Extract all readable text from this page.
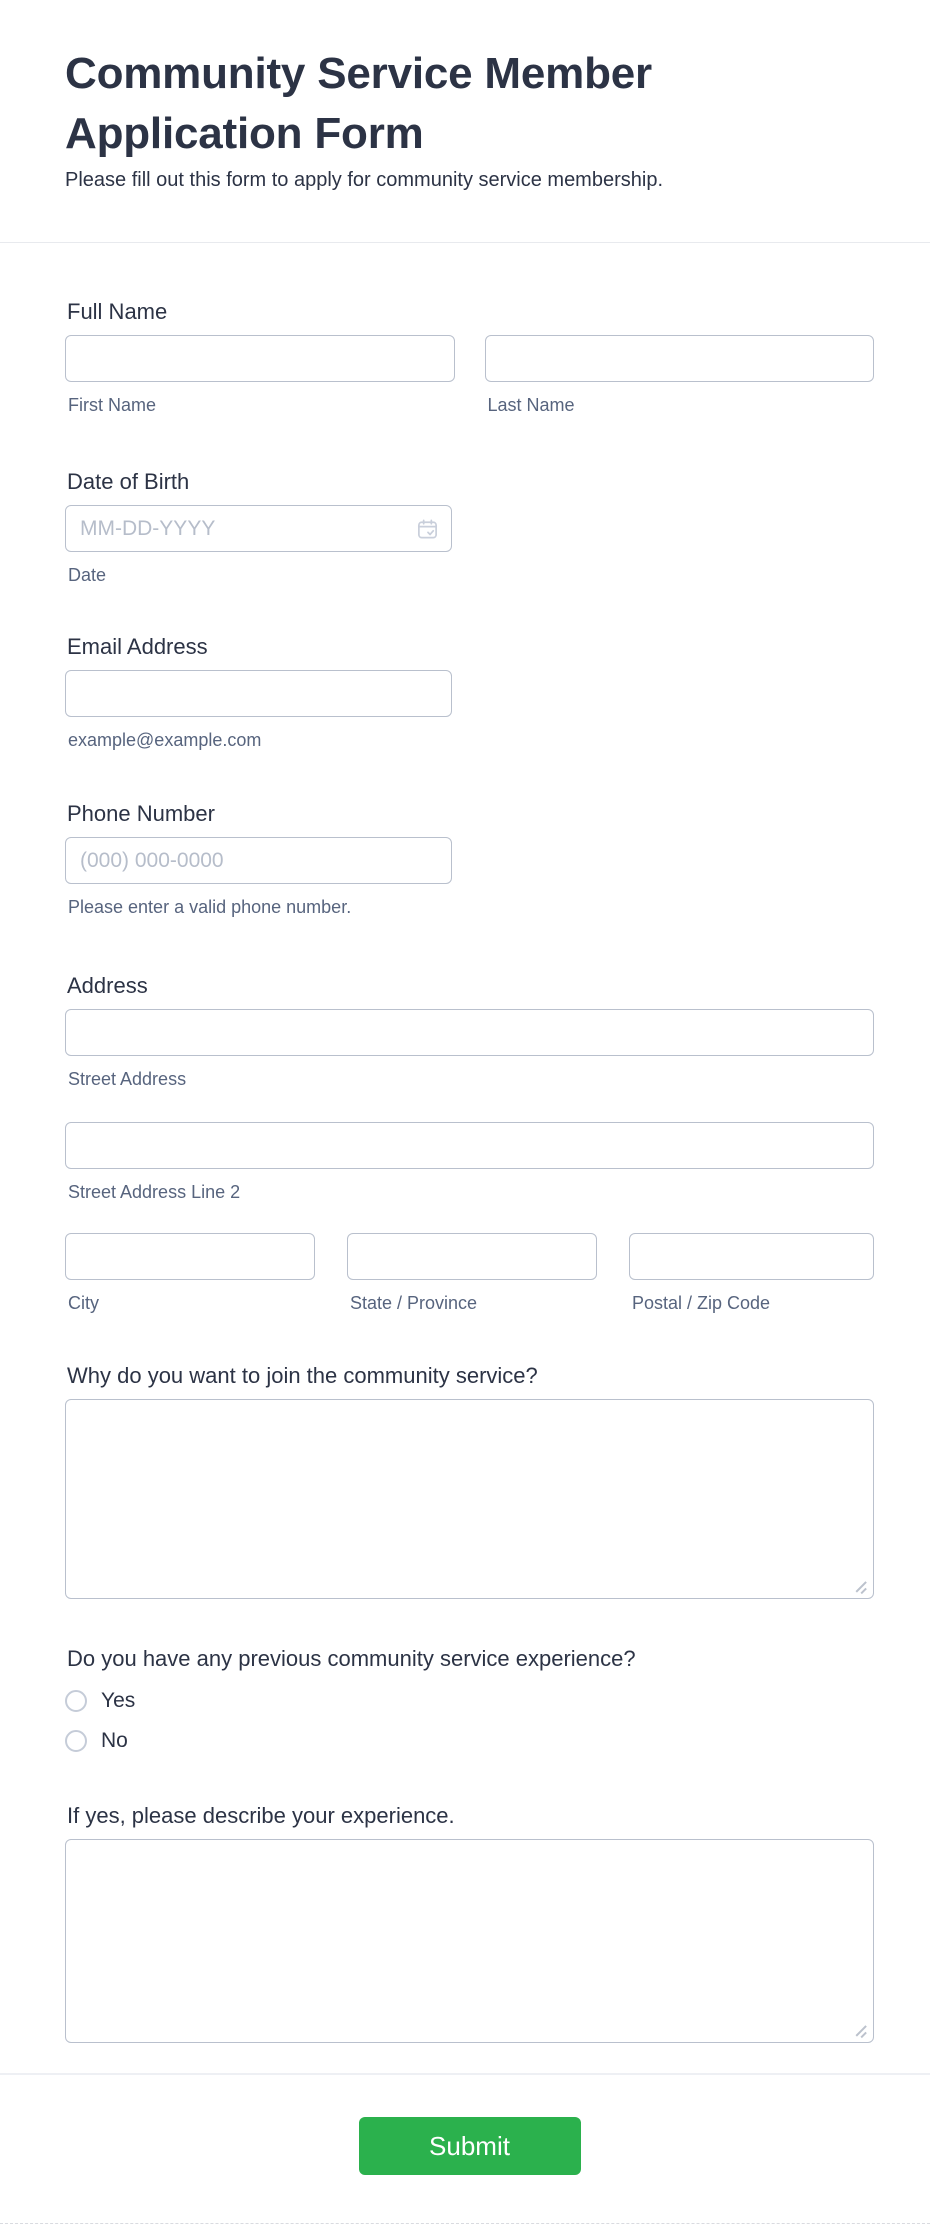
Community Service Member Application Form

Please fill out this form to apply for community service membership.

Full Name
First Name	Last Name
Date of Birth
MM-DD-YYYY
Date
Email Address
example@example.com
Phone Number
(000) 000-0000
Please enter a valid phone number.
Address
Street Address
Street Address Line 2
City	State / Province	Postal / Zip Code
Why do you want to join the community service?
Do you have any previous community service experience?
Yes
No
If yes, please describe your experience.
Submit
